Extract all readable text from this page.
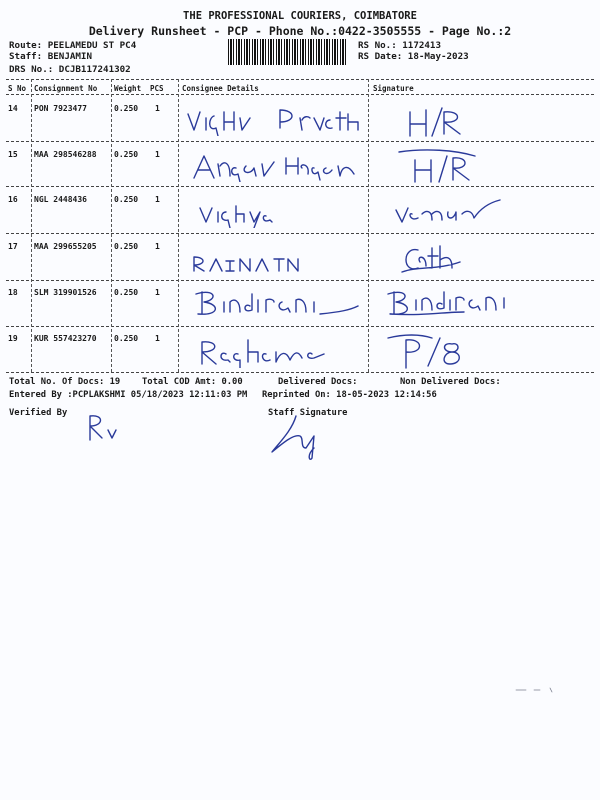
THE PROFESSIONAL COURIERS, COIMBATORE
Delivery Runsheet - PCP - Phone No.:0422-3505555 - Page No.:2
Route: PEELAMEDU ST PC4
Staff: BENJAMIN
DRS No.: DCJB117241302
RS No.: 1172413
RS Date: 18-May-2023
S No Consignment No Weight PCS Consignee Details	Signature
14 PON 7923477	0.250 1
15 MAA 298546288 0.250 1
16 NGL 2448436	0.250 1
17 MAA 299655205 0.250 1
18 SLM 319901526 0.250 1
19 KUR 557423270 0.250 1
Total No. Of Docs: 19 Total COD Amt: 0.00	Delivered Docs:	Non Delivered Docs:
Entered By :PCPLAKSHMI 05/18/2023 12:11:03 PM Reprinted On: 18-05-2023 12:14:56
Verified By	Staff Signature
